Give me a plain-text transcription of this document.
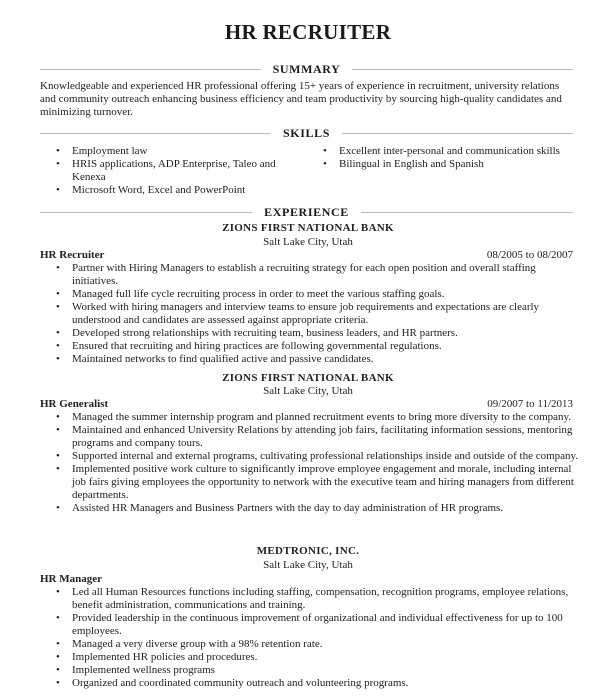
HR RECRUITER
SUMMARY
Knowledgeable and experienced HR professional offering 15+ years of experience in recruitment, university relations and community outreach enhancing business efficiency and team productivity by sourcing high-quality candidates and minimizing turnover.
SKILLS
• Employment law
• HRIS applications, ADP Enterprise, Taleo and Kenexa
• Microsoft Word, Excel and PowerPoint
• Excellent inter-personal and communication skills
• Bilingual in English and Spanish
EXPERIENCE
ZIONS FIRST NATIONAL BANK
Salt Lake City, Utah
HR Recruiter	08/2005 to 08/2007
• Partner with Hiring Managers to establish a recruiting strategy for each open position and overall staffing initiatives.
• Managed full life cycle recruiting process in order to meet the various staffing goals.
• Worked with hiring managers and interview teams to ensure job requirements and expectations are clearly understood and candidates are assessed against appropriate criteria.
• Developed strong relationships with recruiting team, business leaders, and HR partners.
• Ensured that recruiting and hiring practices are following governmental regulations.
• Maintained networks to find qualified active and passive candidates.
ZIONS FIRST NATIONAL BANK
Salt Lake City, Utah
HR Generalist	09/2007 to 11/2013
• Managed the summer internship program and planned recruitment events to bring more diversity to the company.
• Maintained and enhanced University Relations by attending job fairs, facilitating information sessions, mentoring programs and company tours.
• Supported internal and external programs, cultivating professional relationships inside and outside of the company.
• Implemented positive work culture to significantly improve employee engagement and morale, including internal job fairs giving employees the opportunity to network with the executive team and hiring managers from different departments.
• Assisted HR Managers and Business Partners with the day to day administration of HR programs.
MEDTRONIC, INC.
Salt Lake City, Utah
HR Manager
• Led all Human Resources functions including staffing, compensation, recognition programs, employee relations, benefit administration, communications and training.
• Provided leadership in the continuous improvement of organizational and individual effectiveness for up to 100 employees.
• Managed a very diverse group with a 98% retention rate.
• Implemented HR policies and procedures.
• Implemented wellness programs
• Organized and coordinated community outreach and volunteering programs.
